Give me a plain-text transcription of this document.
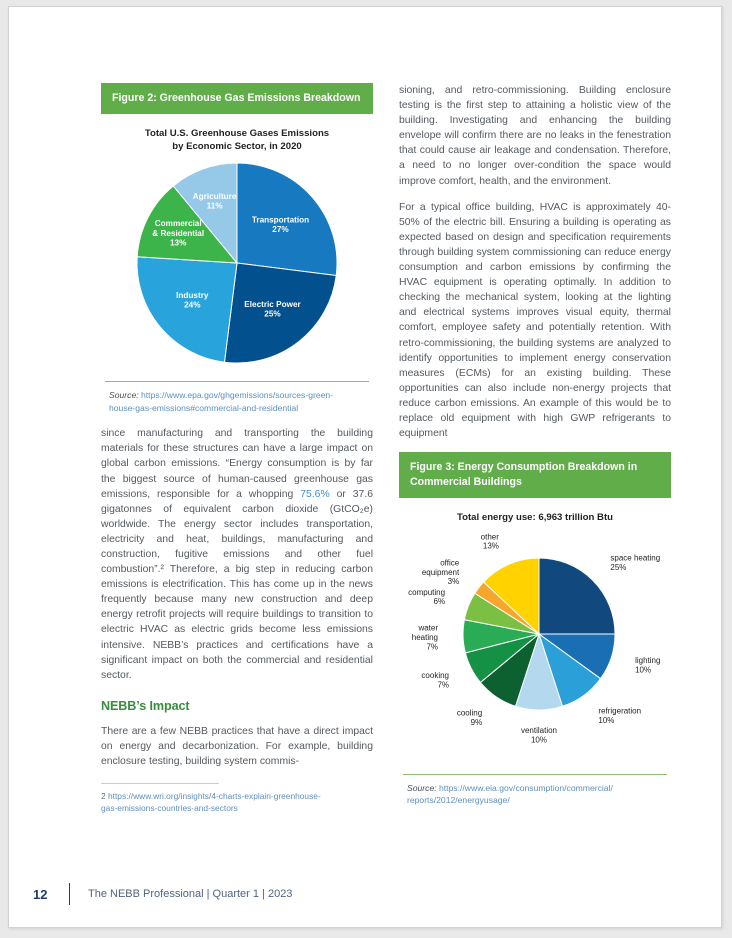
Figure 2: Greenhouse Gas Emissions Breakdown
Total U.S. Greenhouse Gases Emissions
by Economic Sector, in 2020
Transportation
27%
Electric Power
25%
Industry
24%
Commercial
& Residential
13%
Agriculture
11%
Source: https://www.epa.gov/ghgemissions/sources-green-
house-gas-emissions#commercial-and-residential

since manufacturing and transporting the building materials for these structures can have a large impact on global carbon emissions. “Energy consumption is by far the biggest source of human-caused greenhouse gas emissions, responsible for a whopping 75.6% or 37.6 gigatonnes of equivalent carbon dioxide (GtCO₂e) worldwide. The energy sector includes transportation, electricity and heat, buildings, manufacturing and construction, fugitive emissions and other fuel combustion”.² Therefore, a big step in reducing carbon emissions is electrification. This has come up in the news frequently because many new construction and deep energy retrofit projects will require buildings to transition to electric HVAC as electric grids become less emissions intensive. NEBB’s practices and certifications have a significant impact on both the commercial and residential sector.

NEBB’s Impact

There are a few NEBB practices that have a direct impact on energy and decarbonization. For example, building enclosure testing, building system commis-

2 https://www.wri.org/insights/4-charts-explain-greenhouse-
gas-emissions-countries-and-sectors

sioning, and retro-commissioning. Building enclosure testing is the first step to attaining a holistic view of the building. Investigating and enhancing the building envelope will confirm there are no leaks in the fenestration that could cause air leakage and condensation. Therefore, a need to no longer over-condition the space would improve comfort, health, and the environment.

For a typical office building, HVAC is approximately 40-50% of the electric bill. Ensuring a building is operating as expected based on design and specification requirements through building system commissioning can reduce energy consumption and carbon emissions by confirming the HVAC equipment is operating optimally. In addition to checking the mechanical system, looking at the lighting and electrical systems improves visual equity, thermal comfort, employee safety and potentially retention. With retro-commissioning, the building systems are analyzed to identify opportunities to implement energy conservation measures (ECMs) for an existing building. These opportunities can also include non-energy projects that reduce carbon emissions. An example of this would be to replace old equipment with high GWP refrigerants to equipment

Figure 3: Energy Consumption Breakdown in Commercial Buildings
Total energy use: 6,963 trillion Btu
space heating
25%
lighting
10%
refrigeration
10%
ventilation
10%
cooling
9%
cooking
7%
water
heating
7%
computing
6%
office
equipment
3%
other
13%
Source: https://www.eia.gov/consumption/commercial/
reports/2012/energyusage/
12	The NEBB Professional | Quarter 1 | 2023
